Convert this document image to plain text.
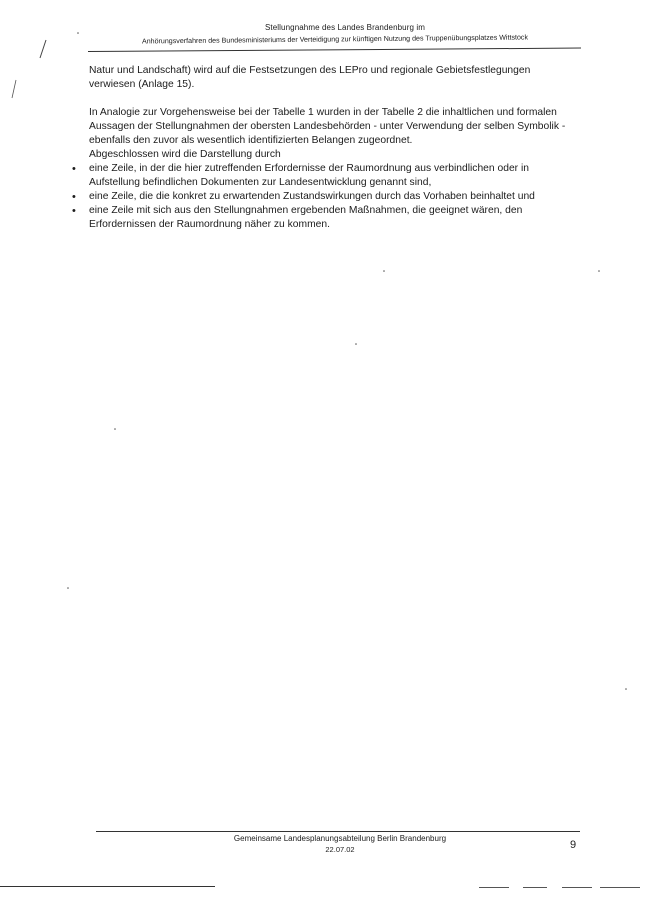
Stellungnahme des Landes Brandenburg im
Anhörungsverfahren des Bundesministeriums der Verteidigung zur künftigen Nutzung des Truppenübungsplatzes Wittstock

Natur und Landschaft) wird auf die Festsetzungen des LEPro und regionale Gebietsfestlegungen verwiesen (Anlage 15).

In Analogie zur Vorgehensweise bei der Tabelle 1 wurden in der Tabelle 2 die inhaltlichen und formalen Aussagen der Stellungnahmen der obersten Landesbehörden - unter Verwendung der selben Symbolik - ebenfalls den zuvor als wesentlich identifizierten Belangen zugeordnet.

Abgeschlossen wird die Darstellung durch

• eine Zeile, in der die hier zutreffenden Erfordernisse der Raumordnung aus verbindlichen oder in Aufstellung befindlichen Dokumenten zur Landesentwicklung genannt sind,
• eine Zeile, die die konkret zu erwartenden Zustandswirkungen durch das Vorhaben beinhaltet und
• eine Zeile mit sich aus den Stellungnahmen ergebenden Maßnahmen, die geeignet wären, den Erfordernissen der Raumordnung näher zu kommen.
Gemeinsame Landesplanungsabteilung Berlin Brandenburg
22.07.02	9
